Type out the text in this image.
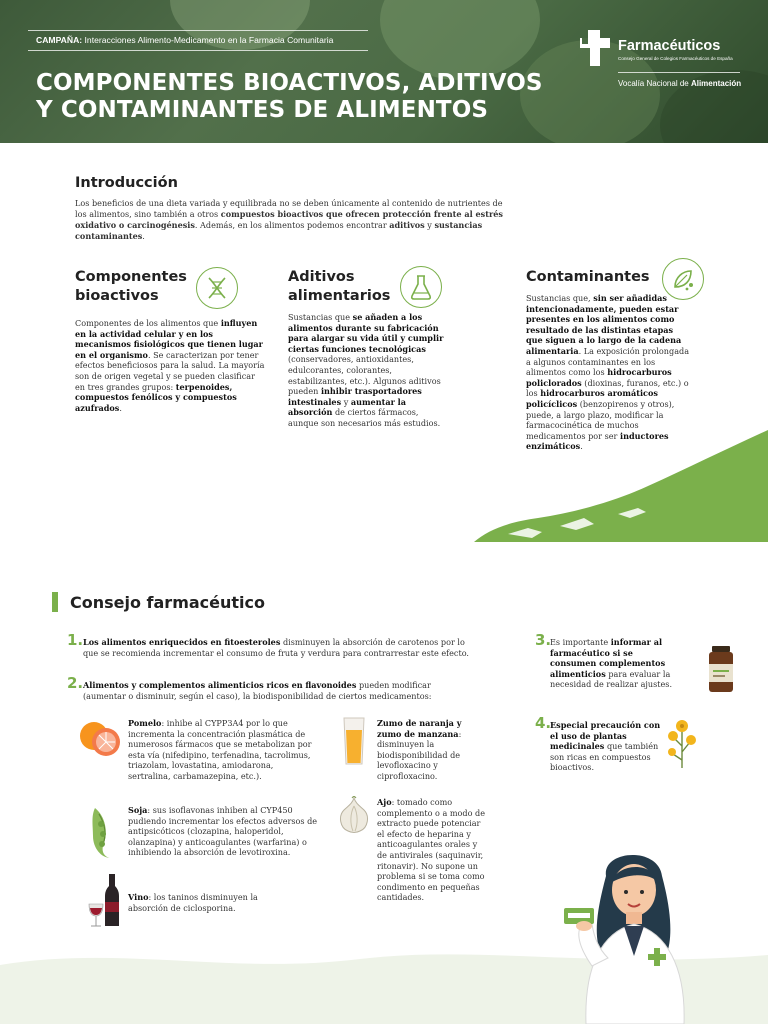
CAMPAÑA: Interacciones Alimento-Medicamento en la Farmacia Comunitaria
COMPONENTES BIOACTIVOS, ADITIVOS
Y CONTAMINANTES DE ALIMENTOS
Farmacéuticos
Consejo General de Colegios Farmacéuticos de España
Vocalía Nacional de Alimentación
Introducción
Los beneficios de una dieta variada y equilibrada no se deben únicamente al contenido de nutrientes de los alimentos, sino también a otros compuestos bioactivos que ofrecen protección frente al estrés oxidativo o carcinogénesis. Además, en los alimentos podemos encontrar aditivos y sustancias contaminantes.
Componentes
bioactivos
Componentes de los alimentos que influyen en la actividad celular y en los mecanismos fisiológicos que tienen lugar en el organismo. Se caracterizan por tener efectos beneficiosos para la salud. La mayoría son de origen vegetal y se pueden clasificar en tres grandes grupos: terpenoides, compuestos fenólicos y compuestos azufrados.
Aditivos
alimentarios
Sustancias que se añaden a los alimentos durante su fabricación para alargar su vida útil y cumplir ciertas funciones tecnológicas (conservadores, antioxidantes, edulcorantes, colorantes, estabilizantes, etc.). Algunos aditivos pueden inhibir trasportadores intestinales y aumentar la absorción de ciertos fármacos, aunque son necesarios más estudios.
Contaminantes
Sustancias que, sin ser añadidas intencionadamente, pueden estar presentes en los alimentos como resultado de las distintas etapas que siguen a lo largo de la cadena alimentaria. La exposición prolongada a algunos contaminantes en los alimentos como los hidrocarburos policlorados (dioxinas, furanos, etc.) o los hidrocarburos aromáticos policíclicos (benzopirenos y otros), puede, a largo plazo, modificar la farmacocinética de muchos medicamentos por ser inductores enzimáticos.
Consejo farmacéutico
1. Los alimentos enriquecidos en fitoesteroles disminuyen la absorción de carotenos por lo que se recomienda incrementar el consumo de fruta y verdura para contrarrestar este efecto.
2. Alimentos y complementos alimenticios ricos en flavonoides pueden modificar (aumentar o disminuir, según el caso), la biodisponibilidad de ciertos medicamentos:
3.
Es importante informar al farmacéutico si se consumen complementos alimenticios para evaluar la necesidad de realizar ajustes.
4.
Especial precaución con el uso de plantas medicinales que también son ricas en compuestos bioactivos.
Pomelo: inhibe al CYPP3A4 por lo que incrementa la concentración plasmática de numerosos fármacos que se metabolizan por esta vía (nifedipino, terfenadina, tacrolimus, triazolam, lovastatina, amiodarona, sertralina, carbamazepina, etc.).
Soja: sus isoflavonas inhiben al CYP450 pudiendo incrementar los efectos adversos de antipsicóticos (clozapina, haloperidol, olanzapina) y anticoagulantes (warfarina) o inhibiendo la absorción de levotiroxina.
Vino: los taninos disminuyen la absorción de ciclosporina.
Zumo de naranja y zumo de manzana: disminuyen la biodisponibilidad de levofloxacino y ciprofloxacino.
Ajo: tomado como complemento o a modo de extracto puede potenciar el efecto de heparina y anticoagulantes orales y de antivirales (saquinavir, ritonavir). No supone un problema si se toma como condimento en pequeñas cantidades.
